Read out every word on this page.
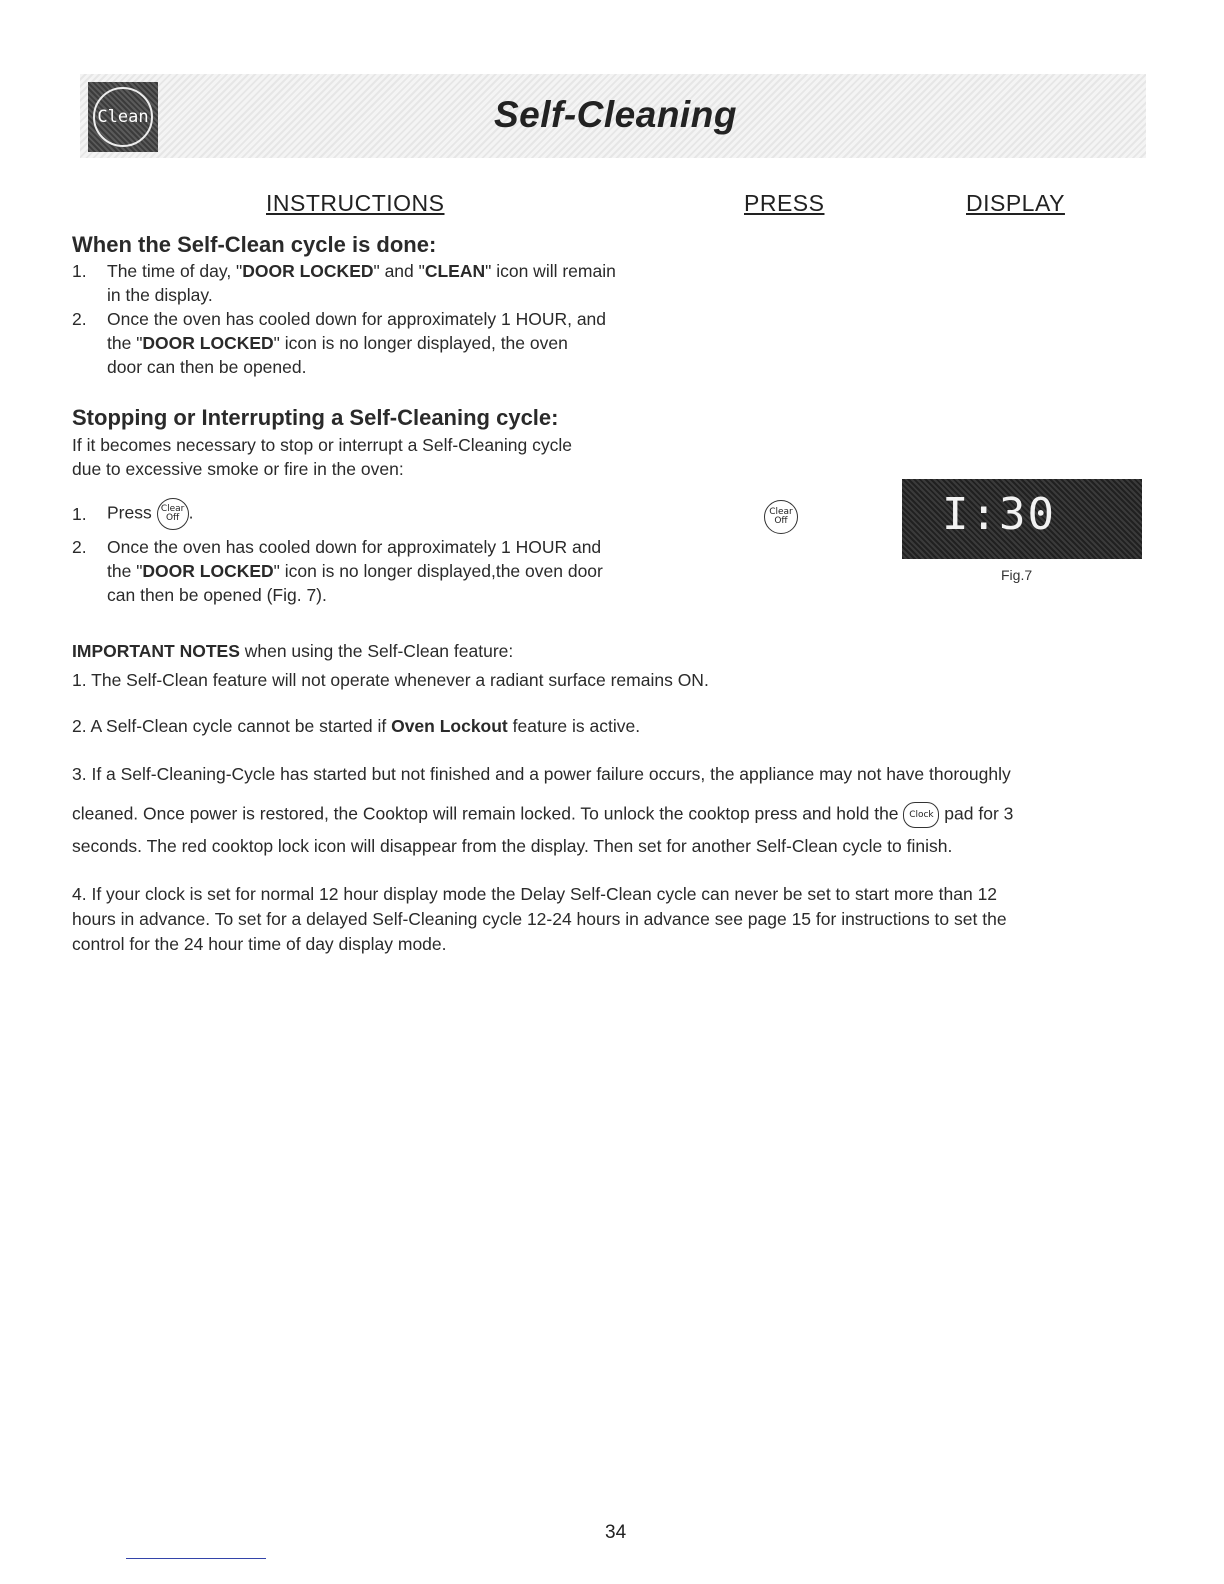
Clean	Self-Cleaning
INSTRUCTIONS	PRESS	DISPLAY
When the Self-Clean cycle is done:
1. The time of day, "DOOR LOCKED" and "CLEAN" icon will remain
in the display.
2. Once the oven has cooled down for approximately 1 HOUR, and
the "DOOR LOCKED" icon is no longer displayed, the oven
door can then be opened.
Stopping or Interrupting a Self-Cleaning cycle:
If it becomes necessary to stop or interrupt a Self-Cleaning cycle
due to excessive smoke or fire in the oven:
1. Press Clear
Off .
2. Once the oven has cooled down for approximately 1 HOUR and
the "DOOR LOCKED" icon is no longer displayed,the oven door
can then be opened (Fig. 7).
Clear
Off	I:30
Fig.7
IMPORTANT NOTES when using the Self-Clean feature:
1. The Self-Clean feature will not operate whenever a radiant surface remains ON.
2. A Self-Clean cycle cannot be started if Oven Lockout feature is active.
3. If a Self-Cleaning-Cycle has started but not finished and a power failure occurs, the appliance may not have thoroughly
cleaned. Once power is restored, the Cooktop will remain locked. To unlock the cooktop press and hold the Clock pad for 3
seconds. The red cooktop lock icon will disappear from the display. Then set for another Self-Clean cycle to finish.
4. If your clock is set for normal 12 hour display mode the Delay Self-Clean cycle can never be set to start more than 12
hours in advance. To set for a delayed Self-Cleaning cycle 12-24 hours in advance see page 15 for instructions to set the
control for the 24 hour time of day display mode.
34
